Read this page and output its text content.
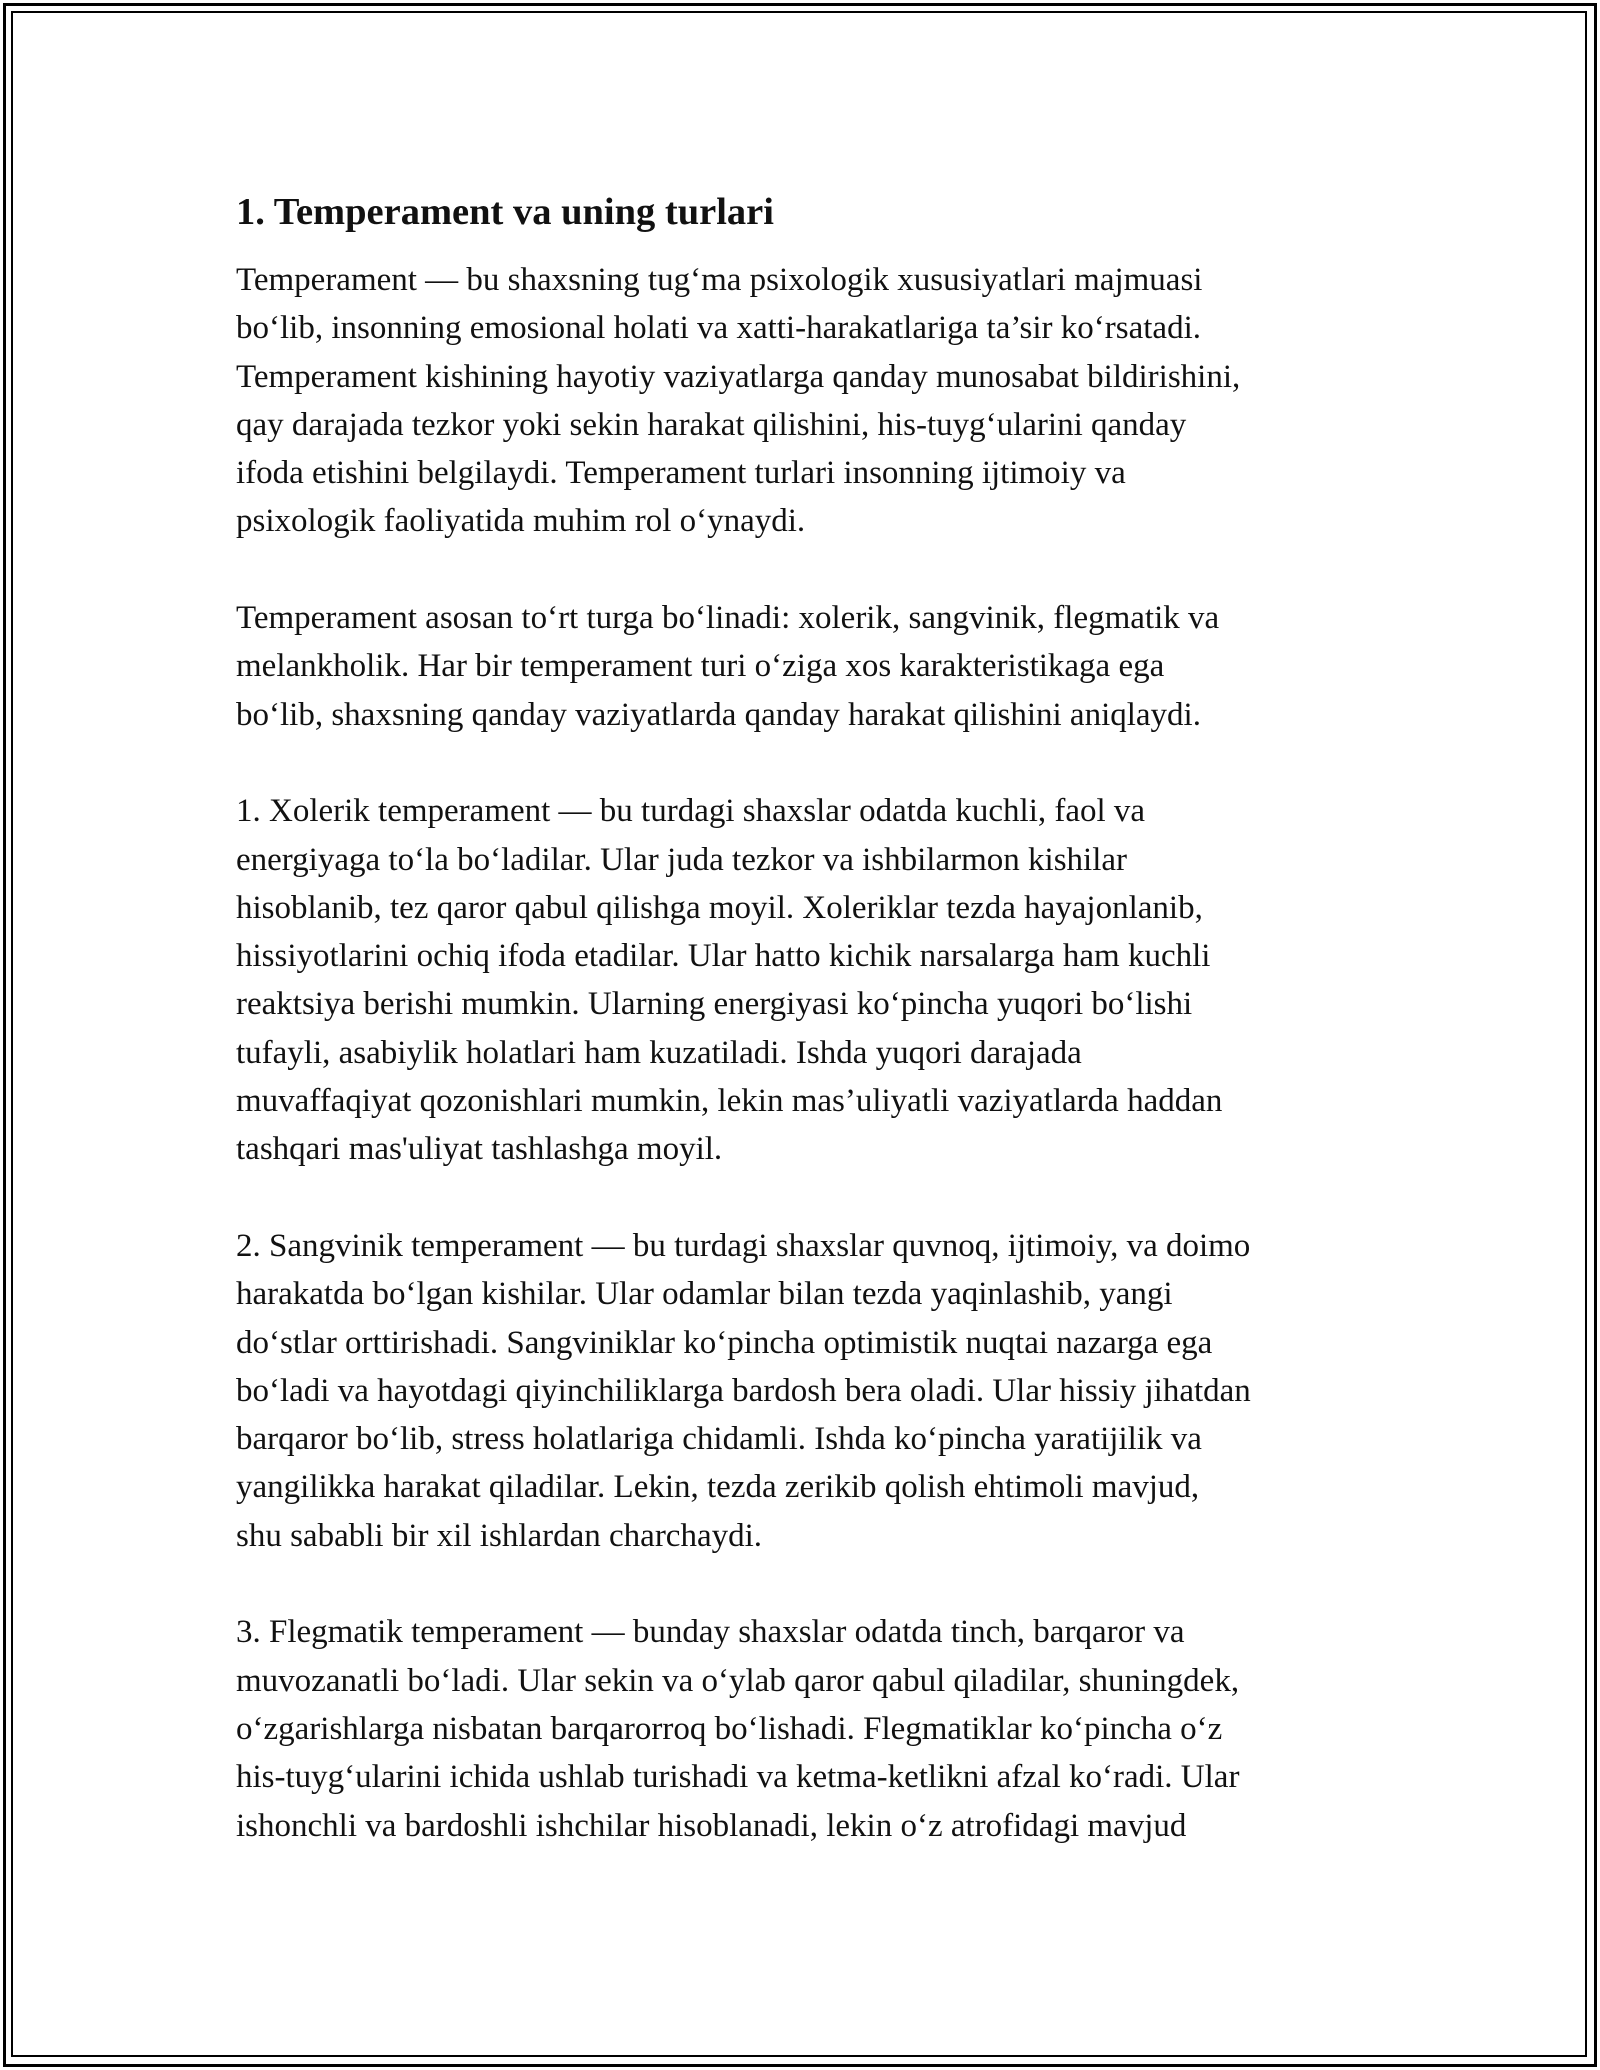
1. Temperament va uning turlari

Temperament — bu shaxsning tug‘ma psixologik xususiyatlari majmuasi
bo‘lib, insonning emosional holati va xatti-harakatlariga ta’sir ko‘rsatadi.
Temperament kishining hayotiy vaziyatlarga qanday munosabat bildirishini,
qay darajada tezkor yoki sekin harakat qilishini, his-tuyg‘ularini qanday
ifoda etishini belgilaydi. Temperament turlari insonning ijtimoiy va
psixologik faoliyatida muhim rol o‘ynaydi.

Temperament asosan to‘rt turga bo‘linadi: xolerik, sangvinik, flegmatik va
melankholik. Har bir temperament turi o‘ziga xos karakteristikaga ega
bo‘lib, shaxsning qanday vaziyatlarda qanday harakat qilishini aniqlaydi.

1. Xolerik temperament — bu turdagi shaxslar odatda kuchli, faol va
energiyaga to‘la bo‘ladilar. Ular juda tezkor va ishbilarmon kishilar
hisoblanib, tez qaror qabul qilishga moyil. Xoleriklar tezda hayajonlanib,
hissiyotlarini ochiq ifoda etadilar. Ular hatto kichik narsalarga ham kuchli
reaktsiya berishi mumkin. Ularning energiyasi ko‘pincha yuqori bo‘lishi
tufayli, asabiylik holatlari ham kuzatiladi. Ishda yuqori darajada
muvaffaqiyat qozonishlari mumkin, lekin mas’uliyatli vaziyatlarda haddan
tashqari mas'uliyat tashlashga moyil.

2. Sangvinik temperament — bu turdagi shaxslar quvnoq, ijtimoiy, va doimo
harakatda bo‘lgan kishilar. Ular odamlar bilan tezda yaqinlashib, yangi
do‘stlar orttirishadi. Sangviniklar ko‘pincha optimistik nuqtai nazarga ega
bo‘ladi va hayotdagi qiyinchiliklarga bardosh bera oladi. Ular hissiy jihatdan
barqaror bo‘lib, stress holatlariga chidamli. Ishda ko‘pincha yaratijilik va
yangilikka harakat qiladilar. Lekin, tezda zerikib qolish ehtimoli mavjud,
shu sababli bir xil ishlardan charchaydi.

3. Flegmatik temperament — bunday shaxslar odatda tinch, barqaror va
muvozanatli bo‘ladi. Ular sekin va o‘ylab qaror qabul qiladilar, shuningdek,
o‘zgarishlarga nisbatan barqarorroq bo‘lishadi. Flegmatiklar ko‘pincha o‘z
his-tuyg‘ularini ichida ushlab turishadi va ketma-ketlikni afzal ko‘radi. Ular
ishonchli va bardoshli ishchilar hisoblanadi, lekin o‘z atrofidagi mavjud
